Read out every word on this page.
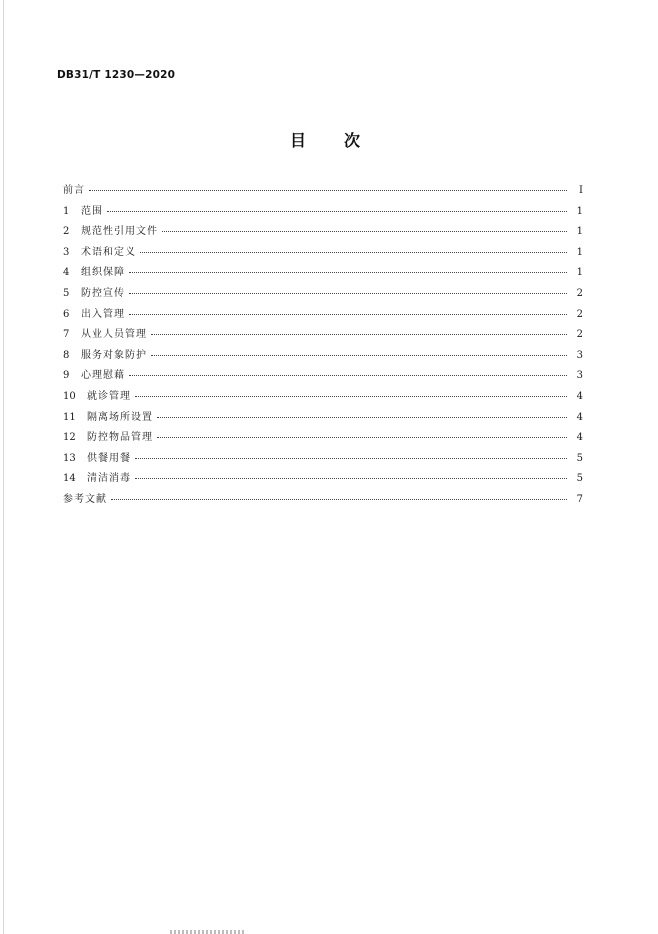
DB31/T 1230—2020
目 次
前言	I
1	范围	1
2	规范性引用文件	1
3	术语和定义	1
4	组织保障	1
5	防控宣传	2
6	出入管理	2
7	从业人员管理	2
8	服务对象防护	3
9	心理慰藉	3
10	就诊管理	4
11	隔离场所设置	4
12	防控物品管理	4
13	供餐用餐	5
14	清洁消毒	5
参考文献	7
